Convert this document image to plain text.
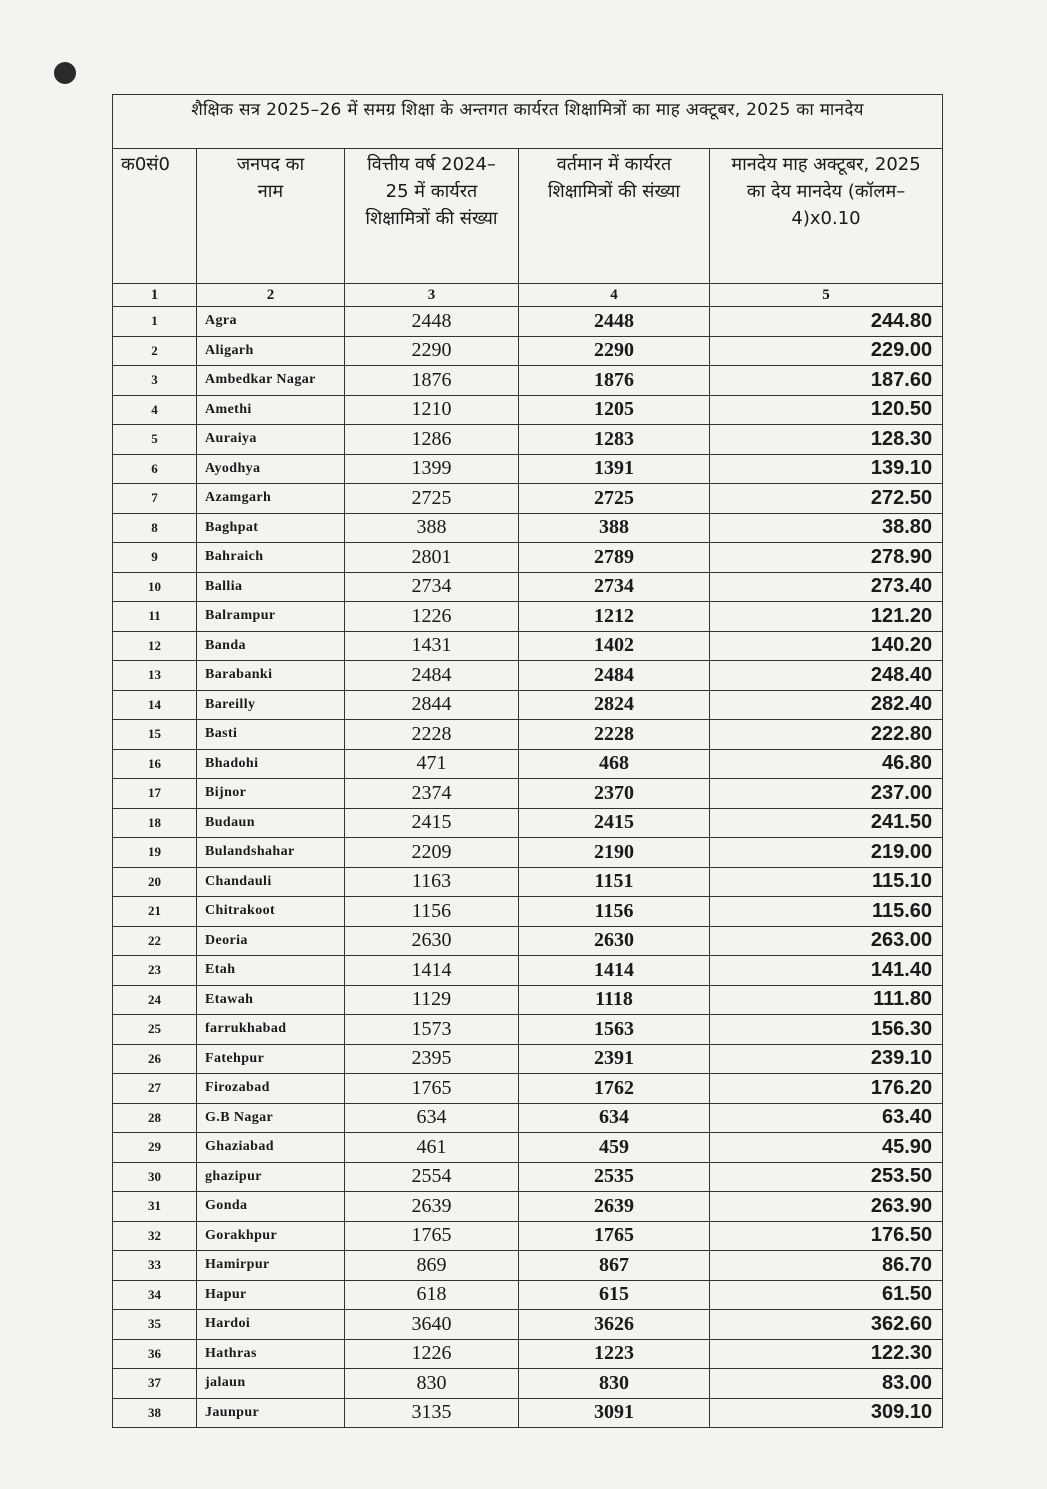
शैक्षिक सत्र 2025–26 में समग्र शिक्षा के अन्तगत कार्यरत शिक्षामित्रों का माह अक्टूबर, 2025 का मानदेय				
क0सं0	जनपद का नाम	वित्तीय वर्ष 2024–25 में कार्यरत शिक्षामित्रों की संख्या	वर्तमान में कार्यरत शिक्षामित्रों की संख्या	मानदेय माह अक्टूबर, 2025 का देय मानदेय (कॉलम–4)x0.10
1	2	3	4	5
1	Agra	2448	2448	244.80
2	Aligarh	2290	2290	229.00
3	Ambedkar Nagar	1876	1876	187.60
4	Amethi	1210	1205	120.50
5	Auraiya	1286	1283	128.30
6	Ayodhya	1399	1391	139.10
7	Azamgarh	2725	2725	272.50
8	Baghpat	388	388	38.80
9	Bahraich	2801	2789	278.90
10	Ballia	2734	2734	273.40
11	Balrampur	1226	1212	121.20
12	Banda	1431	1402	140.20
13	Barabanki	2484	2484	248.40
14	Bareilly	2844	2824	282.40
15	Basti	2228	2228	222.80
16	Bhadohi	471	468	46.80
17	Bijnor	2374	2370	237.00
18	Budaun	2415	2415	241.50
19	Bulandshahar	2209	2190	219.00
20	Chandauli	1163	1151	115.10
21	Chitrakoot	1156	1156	115.60
22	Deoria	2630	2630	263.00
23	Etah	1414	1414	141.40
24	Etawah	1129	1118	111.80
25	farrukhabad	1573	1563	156.30
26	Fatehpur	2395	2391	239.10
27	Firozabad	1765	1762	176.20
28	G.B Nagar	634	634	63.40
29	Ghaziabad	461	459	45.90
30	ghazipur	2554	2535	253.50
31	Gonda	2639	2639	263.90
32	Gorakhpur	1765	1765	176.50
33	Hamirpur	869	867	86.70
34	Hapur	618	615	61.50
35	Hardoi	3640	3626	362.60
36	Hathras	1226	1223	122.30
37	jalaun	830	830	83.00
38	Jaunpur	3135	3091	309.10
